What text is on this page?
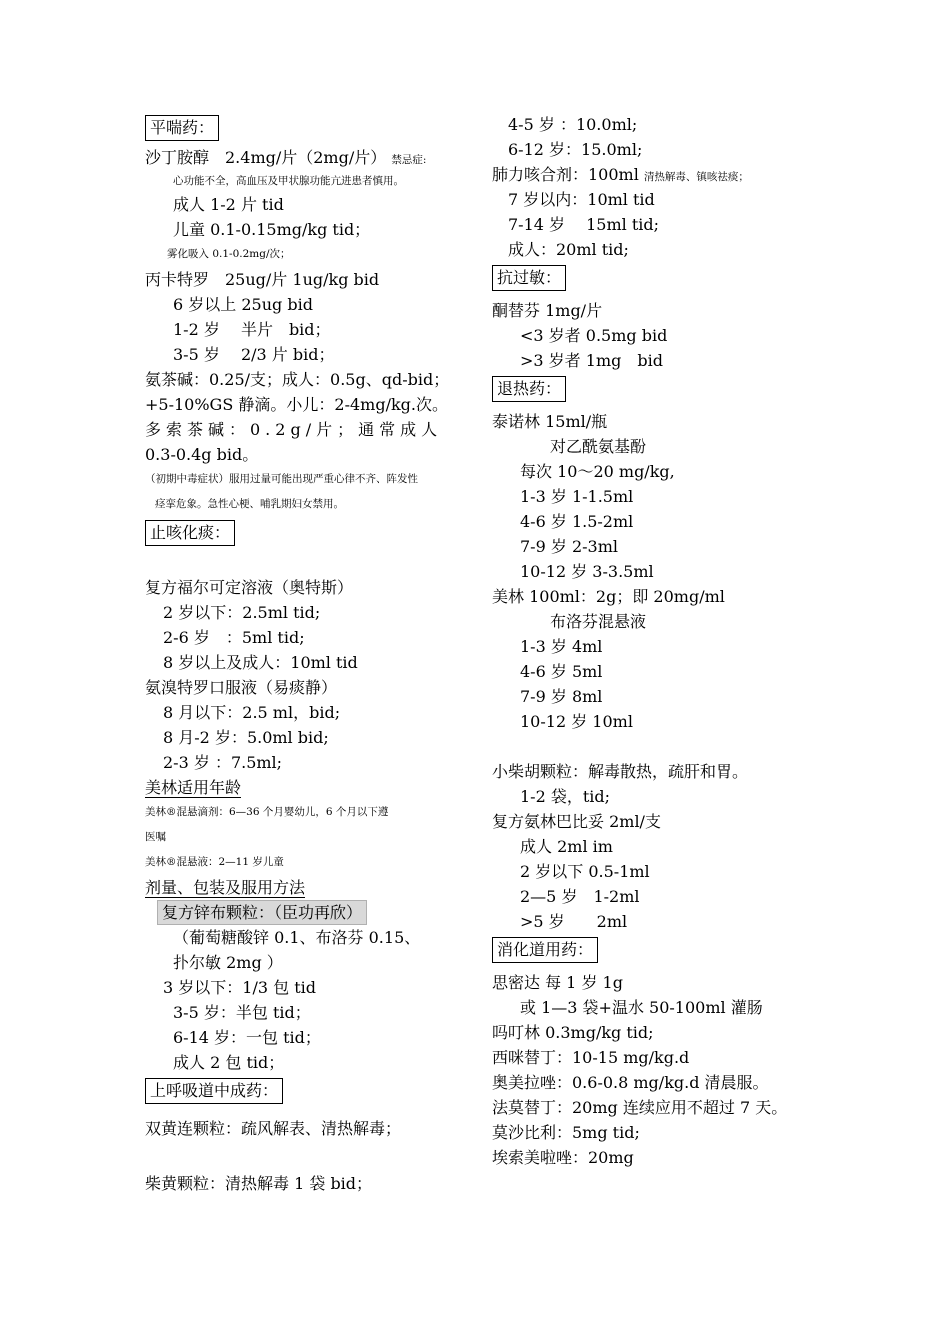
平喘药：
沙丁胺醇　2.4mg/片（2mg/片） 禁忌症:
心功能不全，高血压及甲状腺功能亢进患者慎用。
成人 1-2 片 tid
儿童 0.1-0.15mg/kg tid；
雾化吸入 0.1-0.2mg/次；
丙卡特罗　25ug/片 1ug/kg bid
6 岁以上 25ug bid
1-2 岁　 半片　bid；
3-5 岁　 2/3 片 bid；
氨茶碱：0.25/支；成人：0.5g、qd-bid；
+5-10%GS 静滴。小儿：2-4mg/kg.次。
多索茶碱：0.2g/片；通常成人
0.3-0.4g bid。
（初期中毒症状）服用过量可能出现严重心律不齐、阵发性
痉挛危象。急性心梗、哺乳期妇女禁用。
止咳化痰：
复方福尔可定溶液（奥特斯）
2 岁以下：2.5ml tid;
2-6 岁　：5ml tid;
8 岁以上及成人：10ml tid
氨溴特罗口服液（易痰静）
8 月以下：2.5 ml，bid;
8 月-2 岁：5.0ml bid;
2-3 岁 ：7.5ml;
美林适用年龄
美林®混悬滴剂：6—36 个月婴幼儿，6 个月以下遵
医嘱
美林®混悬液：2—11 岁儿童
剂量、包装及服用方法
复方锌布颗粒：（臣功再欣）
（葡萄糖酸锌 0.1、布洛芬 0.15、
扑尔敏 2mg ）
3 岁以下：1/3 包 tid
3-5 岁：半包 tid；
6-14 岁：一包 tid；
成人 2 包 tid；
上呼吸道中成药：
双黄连颗粒：疏风解表、清热解毒；
柴黄颗粒：清热解毒 1 袋 bid；
4-5 岁 ：10.0ml;
6-12 岁：15.0ml;
肺力咳合剂：100ml 清热解毒、镇咳祛痰；
7 岁以内：10ml tid
7-14 岁　 15ml tid;
成人：20ml tid;
抗过敏：
酮替芬 1mg/片
<3 岁者 0.5mg bid
>3 岁者 1mg　bid
退热药：
泰诺林 15ml/瓶
对乙酰氨基酚
每次 10～20 mg/kg,
1-3 岁 1-1.5ml
4-6 岁 1.5-2ml
7-9 岁 2-3ml
10-12 岁 3-3.5ml
美林 100ml：2g；即 20mg/ml
布洛芬混悬液
1-3 岁 4ml
4-6 岁 5ml
7-9 岁 8ml
10-12 岁 10ml
小柴胡颗粒：解毒散热，疏肝和胃。
1-2 袋，tid;
复方氨林巴比妥 2ml/支
成人 2ml im
2 岁以下 0.5-1ml
2—5 岁　1-2ml
>5 岁　　2ml
消化道用药：
思密达 每 1 岁 1g
或 1—3 袋+温水 50-100ml 灌肠
吗叮林 0.3mg/kg tid;
西咪替丁：10-15 mg/kg.d
奥美拉唑：0.6-0.8 mg/kg.d 清晨服。
法莫替丁：20mg 连续应用不超过 7 天。
莫沙比利：5mg tid;
埃索美啦唑：20mg
